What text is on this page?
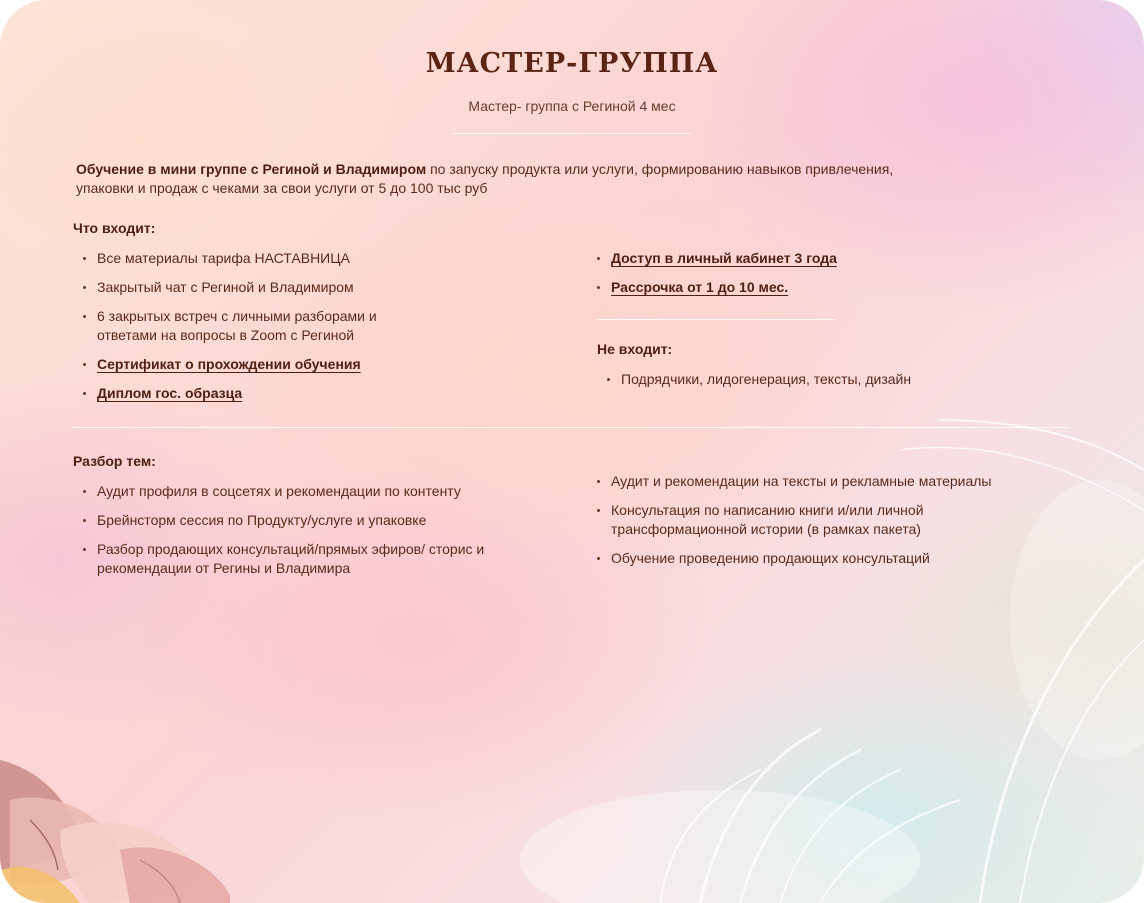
МАСТЕР-ГРУППА
Мастер- группа с Региной 4 мес
Обучение в мини группе с Региной и Владимиром по запуску продукта или услуги, формированию навыков привлечения, упаковки и продаж с чеками за свои услуги от 5 до 100 тыс руб
Что входит:
Все материалы тарифа НАСТАВНИЦА
Закрытый чат с Региной и Владимиром
6 закрытых встреч с личными разборами и ответами на вопросы в Zoom с Региной
Сертификат о прохождении обучения
Диплом гос. образца
Доступ в личный кабинет 3 года
Рассрочка от 1 до 10 мес.
Не входит:
Подрядчики, лидогенерация, тексты, дизайн
Разбор тем:
Аудит профиля в соцсетях и рекомендации по контенту
Брейнсторм сессия по Продукту/услуге и упаковке
Разбор продающих консультаций/прямых эфиров/ сторис и рекомендации от Регины и Владимира
Аудит и рекомендации на тексты и рекламные материалы
Консультация по написанию книги и/или личной трансформационной истории (в рамках пакета)
Обучение проведению продающих консультаций
